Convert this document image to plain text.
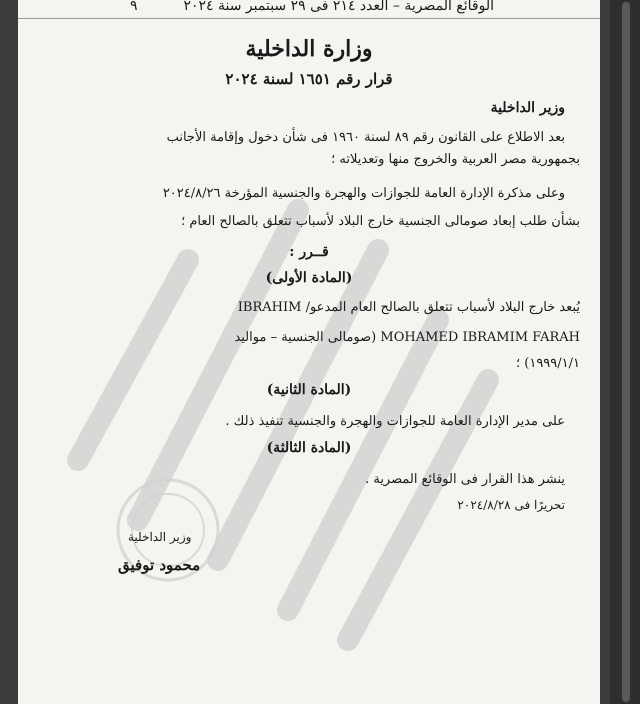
الوقائع المصرية – العدد ٢١٤ فى ٢٩ سبتمبر سنة ٢٠٢٤
٩
وزارة الداخلية
قرار رقم ١٦٥١ لسنة ٢٠٢٤
وزير الداخلية
بعد الاطلاع على القانون رقم ٨٩ لسنة ١٩٦٠ فى شأن دخول وإقامة الأجانب
بجمهورية مصر العربية والخروج منها وتعديلاته ؛
وعلى مذكرة الإدارة العامة للجوازات والهجرة والجنسية المؤرخة ٢٠٢٤/٨/٢٦
بشأن طلب إبعاد صومالى الجنسية خارج البلاد لأسباب تتعلق بالصالح العام ؛
قــرر :
(المادة الأولى)
يُبعد خارج البلاد لأسباب تتعلق بالصالح العام المدعو/ IBRAHIM
MOHAMED IBRAMIM FARAH (صومالى الجنسية – مواليد
١٩٩٩/١/١) ؛
(المادة الثانية)
على مدير الإدارة العامة للجوازات والهجرة والجنسية تنفيذ ذلك .
(المادة الثالثة)
ينشر هذا القرار فى الوقائع المصرية .
تحريرًا فى ٢٠٢٤/٨/٢٨
وزير الداخلية
محمود توفيق
